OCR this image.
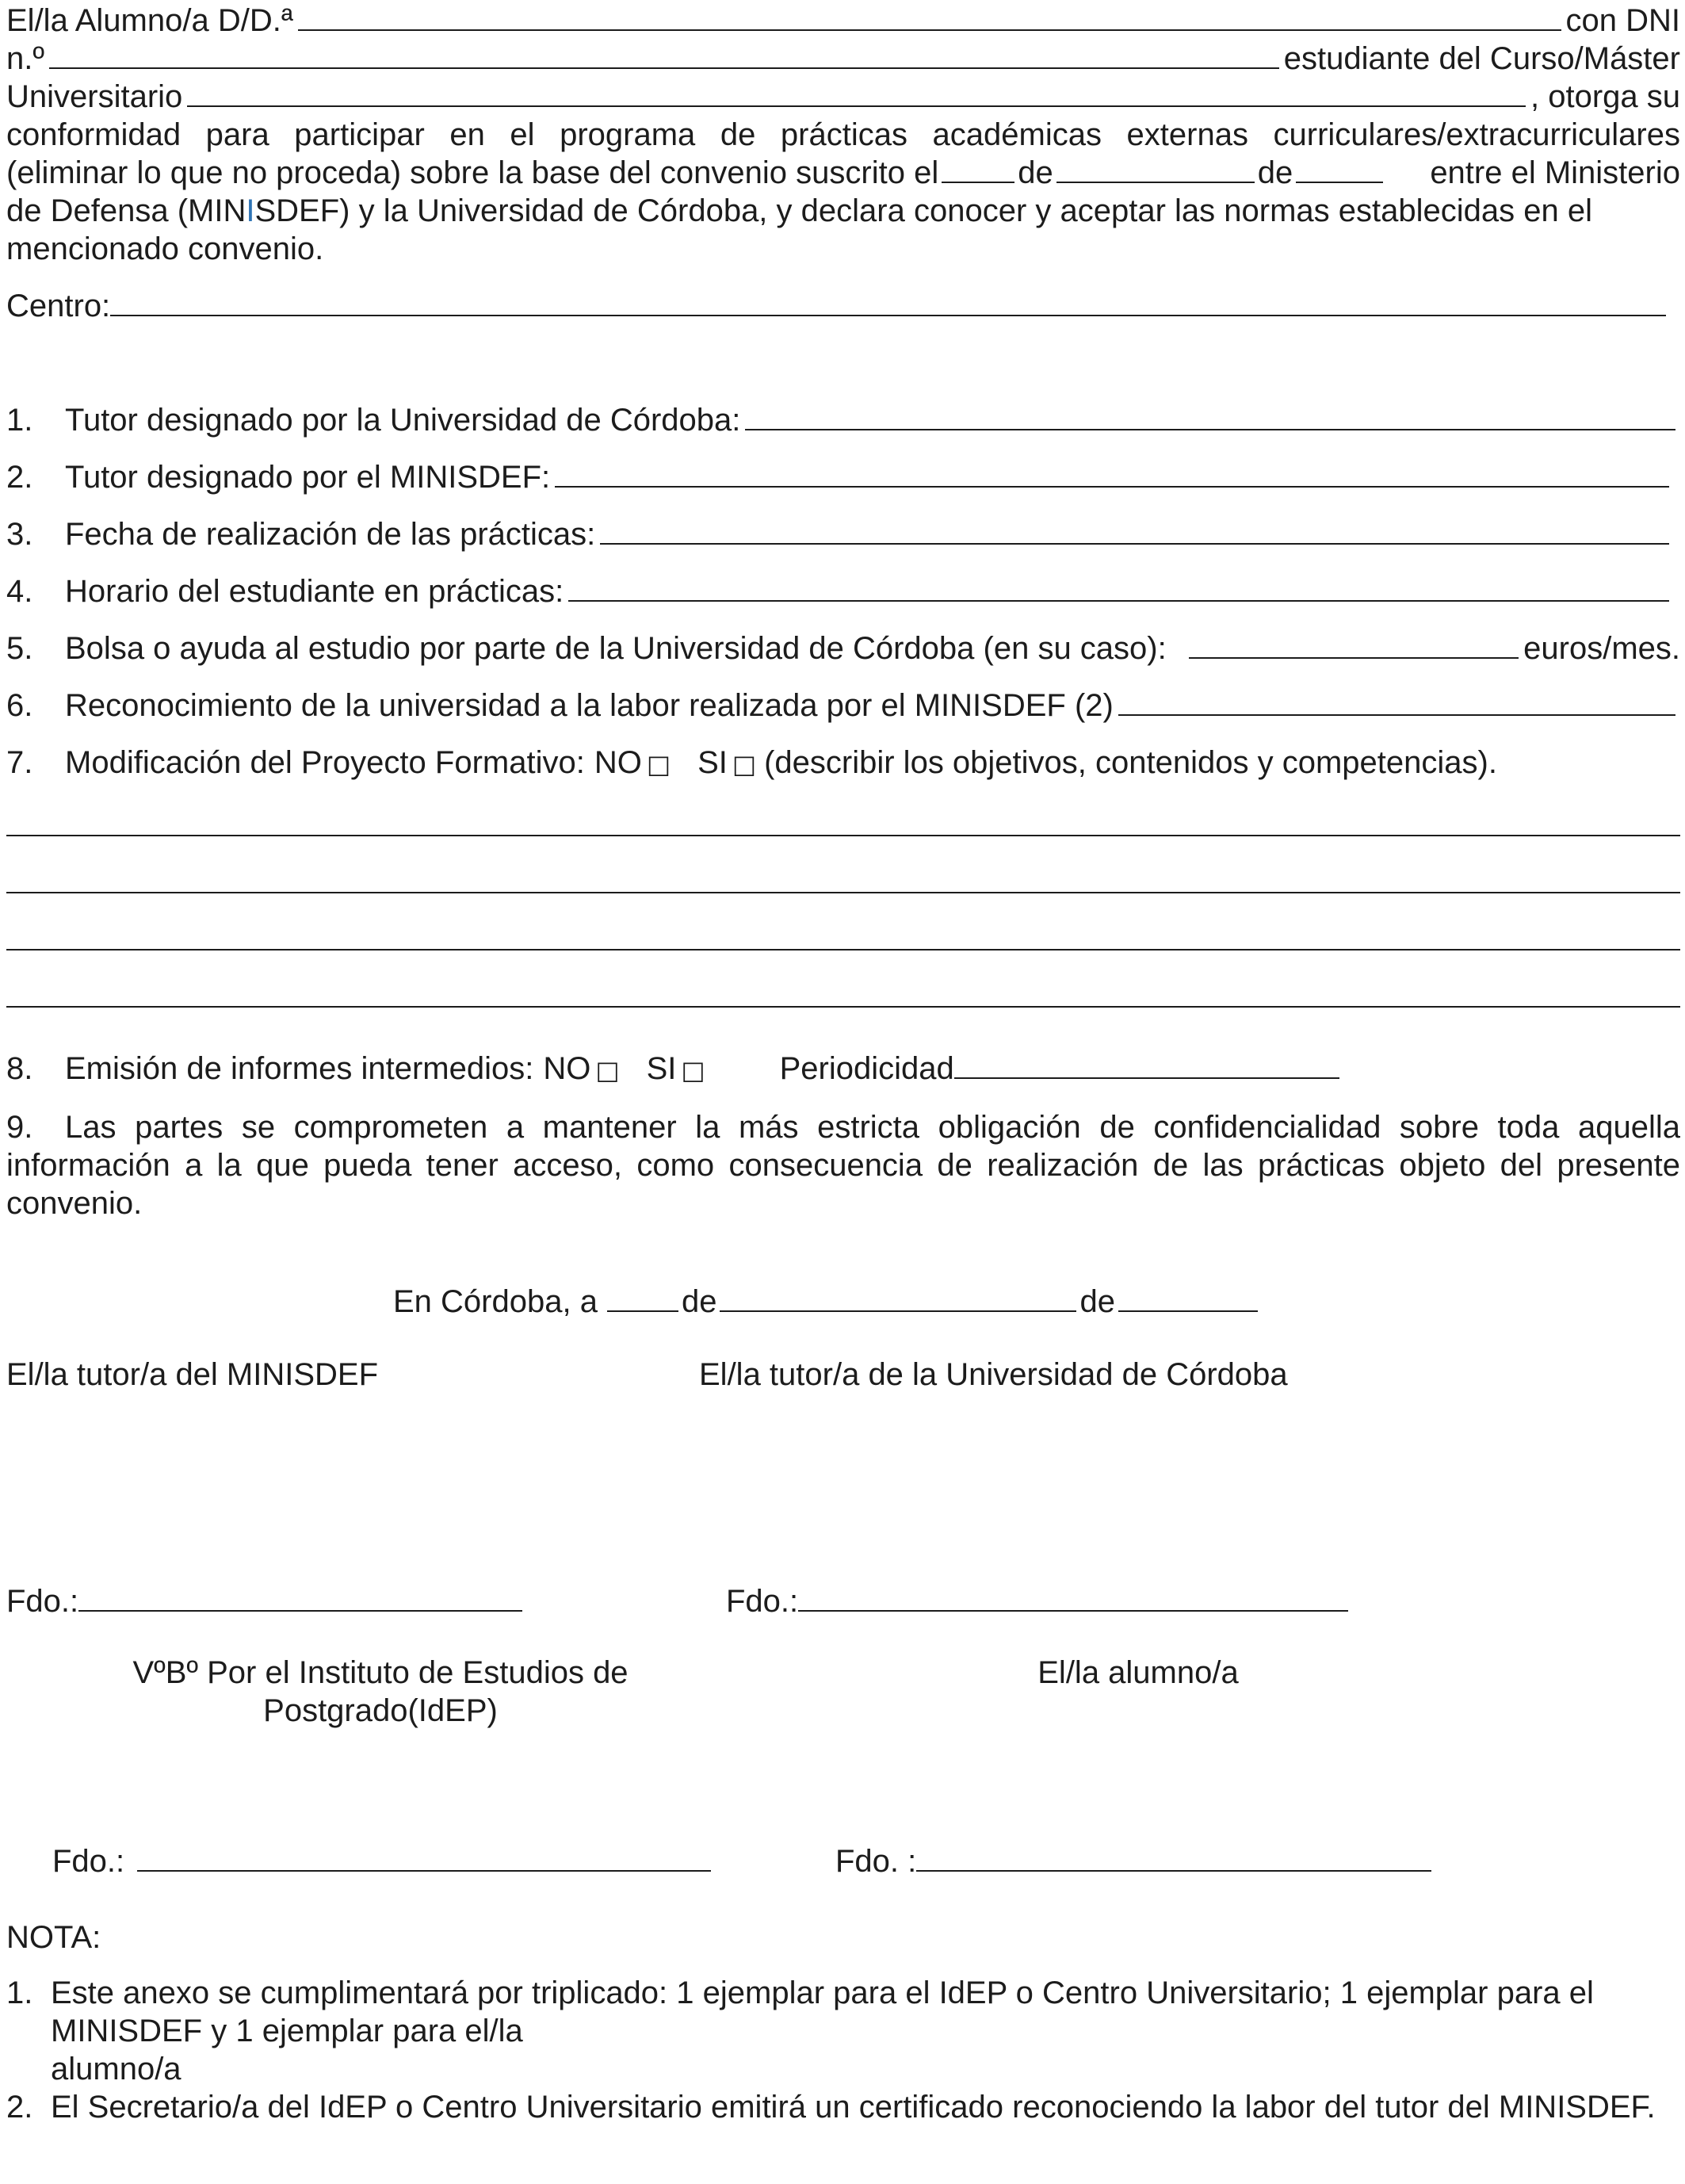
El/la Alumno/a D/D.ª	con DNI
n.º	estudiante del Curso/Máster
Universitario	, otorga su
conformidad para participar en el programa de prácticas académicas externas curriculares/extracurriculares
(eliminar lo que no proceda) sobre la base del convenio suscrito el	de	de	entre el Ministerio
de Defensa (MINISDEF) y la Universidad de Córdoba, y declara conocer y aceptar las normas establecidas en el
mencionado convenio.
Centro:
1.	Tutor designado por la Universidad de Córdoba:
2.	Tutor designado por el MINISDEF:
3.	Fecha de realización de las prácticas:
4.	Horario del estudiante en prácticas:
5.	Bolsa o ayuda al estudio por parte de la Universidad de Córdoba (en su caso):	euros/mes.
6.	Reconocimiento de la universidad a la labor realizada por el MINISDEF (2)
7.	Modificación del Proyecto Formativo: NO □ SI □ (describir los objetivos, contenidos y competencias).
8.	Emisión de informes intermedios: NO □ SI □ Periodicidad
9.	Las partes se comprometen a mantener la más estricta obligación de confidencialidad sobre toda aquella
información a la que pueda tener acceso, como consecuencia de realización de las prácticas objeto del presente
convenio.
En Córdoba, a	de	de
El/la tutor/a del MINISDEF	El/la tutor/a de la Universidad de Córdoba
Fdo.:	Fdo.:
VºBº Por el Instituto de Estudios de
Postgrado(IdEP)
El/la alumno/a
Fdo.:	Fdo. :
NOTA:
1. Este anexo se cumplimentará por triplicado: 1 ejemplar para el IdEP o Centro Universitario; 1 ejemplar para el MINISDEF y 1 ejemplar para el/la
alumno/a
2. El Secretario/a del IdEP o Centro Universitario emitirá un certificado reconociendo la labor del tutor del MINISDEF.
